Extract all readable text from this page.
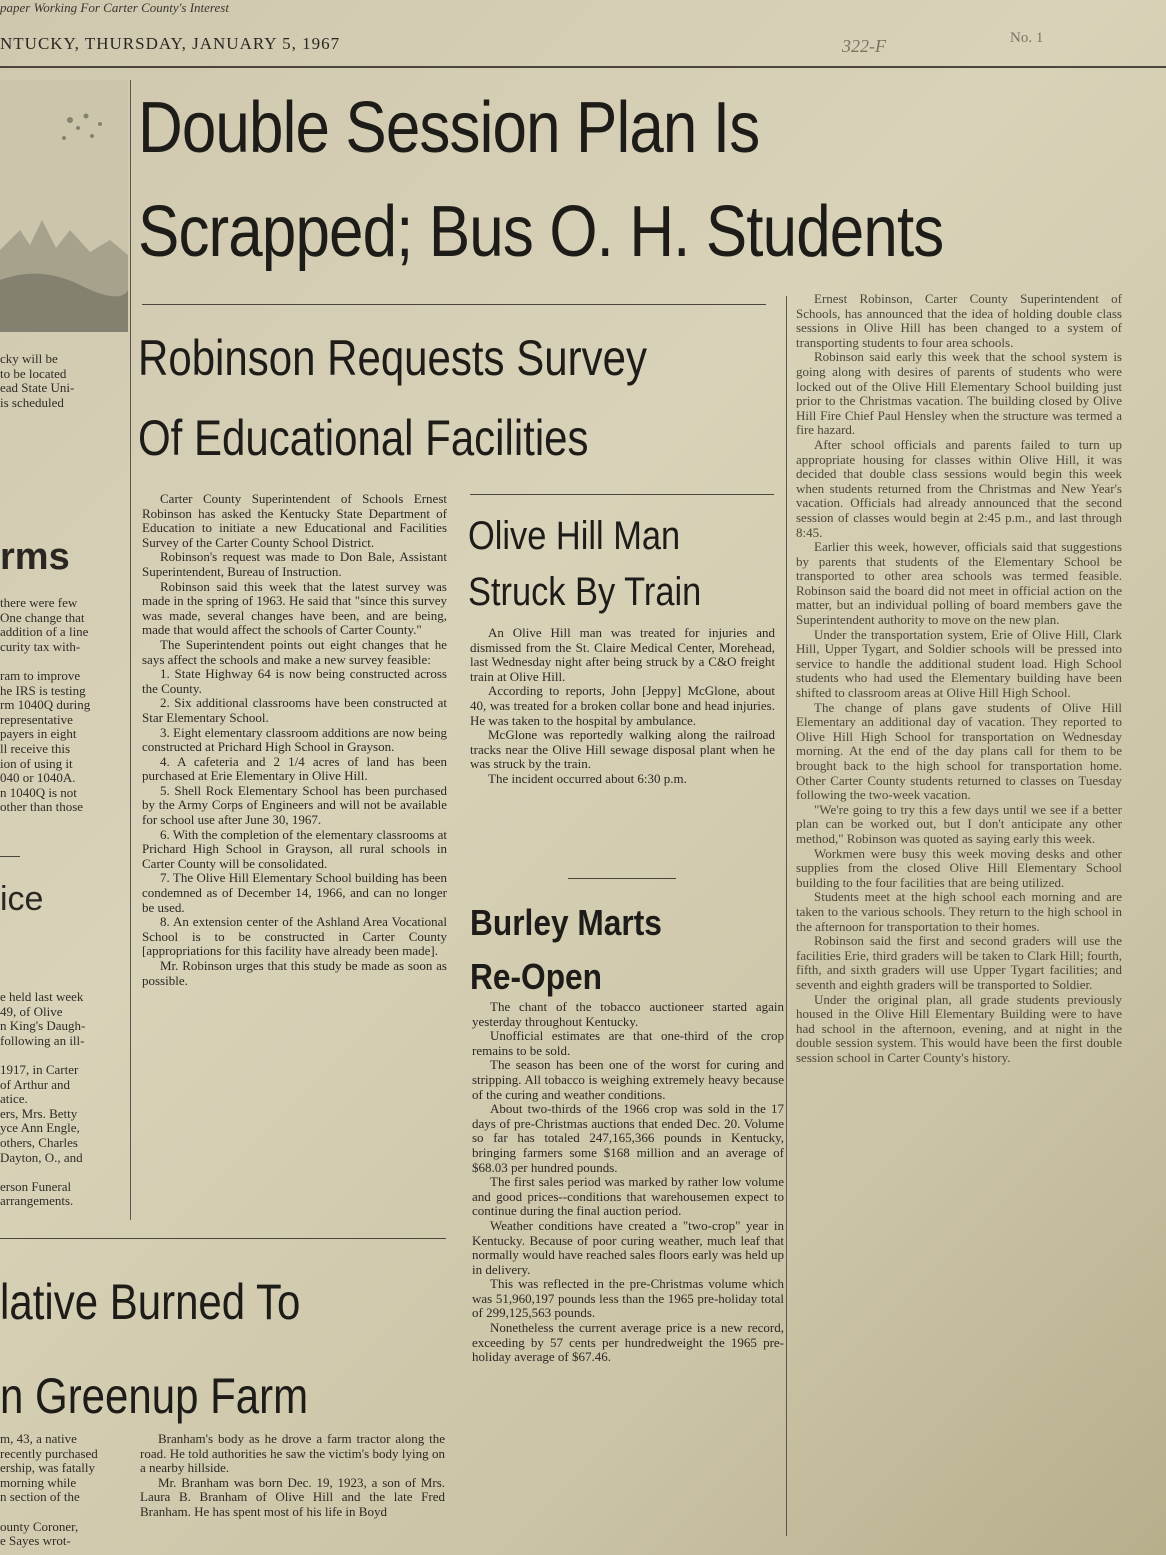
paper Working For Carter County's Interest
NTUCKY, THURSDAY, JANUARY 5, 1967	322-F	No. 1
Double Session Plan Is
Scrapped; Bus O. H. Students
Robinson Requests Survey
Of Educational Facilities

Carter County Superintendent of Schools Ernest Robinson has asked the Kentucky State Department of Education to initiate a new Educational and Facilities Survey of the Carter County School District.

Robinson's request was made to Don Bale, Assistant Superintendent, Bureau of Instruction.

Robinson said this week that the latest survey was made in the spring of 1963. He said that "since this survey was made, several changes have been, and are being, made that would affect the schools of Carter County."

The Superintendent points out eight changes that he says affect the schools and make a new survey feasible:

1. State Highway 64 is now being constructed across the County.

2. Six additional classrooms have been constructed at Star Elementary School.

3. Eight elementary classroom additions are now being constructed at Prichard High School in Grayson.

4. A cafeteria and 2 1/4 acres of land has been purchased at Erie Elementary in Olive Hill.

5. Shell Rock Elementary School has been purchased by the Army Corps of Engineers and will not be available for school use after June 30, 1967.

6. With the completion of the elementary classrooms at Prichard High School in Grayson, all rural schools in Carter County will be consolidated.

7. The Olive Hill Elementary School building has been condemned as of December 14, 1966, and can no longer be used.

8. An extension center of the Ashland Area Vocational School is to be constructed in Carter County [appropriations for this facility have already been made].

Mr. Robinson urges that this study be made as soon as possible.

Olive Hill Man
Struck By Train

An Olive Hill man was treated for injuries and dismissed from the St. Claire Medical Center, Morehead, last Wednesday night after being struck by a C&O freight train at Olive Hill.

According to reports, John [Jeppy] McGlone, about 40, was treated for a broken collar bone and head injuries. He was taken to the hospital by ambulance.

McGlone was reportedly walking along the railroad tracks near the Olive Hill sewage disposal plant when he was struck by the train.

The incident occurred about 6:30 p.m.

Burley Marts
Re-Open

The chant of the tobacco auctioneer started again yesterday throughout Kentucky.

Unofficial estimates are that one-third of the crop remains to be sold.

The season has been one of the worst for curing and stripping. All tobacco is weighing extremely heavy because of the curing and weather conditions.

About two-thirds of the 1966 crop was sold in the 17 days of pre-Christmas auctions that ended Dec. 20. Volume so far has totaled 247,165,366 pounds in Kentucky, bringing farmers some $168 million and an average of $68.03 per hundred pounds.

The first sales period was marked by rather low volume and good prices--conditions that warehousemen expect to continue during the final auction period.

Weather conditions have created a "two-crop" year in Kentucky. Because of poor curing weather, much leaf that normally would have reached sales floors early was held up in delivery.

This was reflected in the pre-Christmas volume which was 51,960,197 pounds less than the 1965 pre-holiday total of 299,125,563 pounds.

Nonetheless the current average price is a new record, exceeding by 57 cents per hundredweight the 1965 pre-holiday average of $67.46.

Ernest Robinson, Carter County Superintendent of Schools, has announced that the idea of holding double class sessions in Olive Hill has been changed to a system of transporting students to four area schools.

Robinson said early this week that the school system is going along with desires of parents of students who were locked out of the Olive Hill Elementary School building just prior to the Christmas vacation. The building closed by Olive Hill Fire Chief Paul Hensley when the structure was termed a fire hazard.

After school officials and parents failed to turn up appropriate housing for classes within Olive Hill, it was decided that double class sessions would begin this week when students returned from the Christmas and New Year's vacation. Officials had already announced that the second session of classes would begin at 2:45 p.m., and last through 8:45.

Earlier this week, however, officials said that suggestions by parents that students of the Elementary School be transported to other area schools was termed feasible. Robinson said the board did not meet in official action on the matter, but an individual polling of board members gave the Superintendent authority to move on the new plan.

Under the transportation system, Erie of Olive Hill, Clark Hill, Upper Tygart, and Soldier schools will be pressed into service to handle the additional student load. High School students who had used the Elementary building have been shifted to classroom areas at Olive Hill High School.

The change of plans gave students of Olive Hill Elementary an additional day of vacation. They reported to Olive Hill High School for transportation on Wednesday morning. At the end of the day plans call for them to be brought back to the high school for transportation home. Other Carter County students returned to classes on Tuesday following the two-week vacation.

"We're going to try this a few days until we see if a better plan can be worked out, but I don't anticipate any other method," Robinson was quoted as saying early this week.

Workmen were busy this week moving desks and other supplies from the closed Olive Hill Elementary School building to the four facilities that are being utilized.

Students meet at the high school each morning and are taken to the various schools. They return to the high school in the afternoon for transportation to their homes.

Robinson said the first and second graders will use the facilities Erie, third graders will be taken to Clark Hill; fourth, fifth, and sixth graders will use Upper Tygart facilities; and seventh and eighth graders will be transported to Soldier.

Under the original plan, all grade students previously housed in the Olive Hill Elementary Building were to have had school in the afternoon, evening, and at night in the double session system. This would have been the first double session school in Carter County's history.

cky will be
to be located
ead State Uni-
is scheduled
rms
there were few
One change that
addition of a line
curity tax with-

ram to improve
he IRS is testing
rm 1040Q during
representative
payers in eight
ll receive this
ion of using it
040 or 1040A.
n 1040Q is not
other than those
ice
e held last week
49, of Olive
n King's Daugh-
following an ill-

1917, in Carter
of Arthur and
atice.
ers, Mrs. Betty
yce Ann Engle,
others, Charles
Dayton, O., and

erson Funeral
arrangements.
lative Burned To
n Greenup Farm
m, 43, a native
recently purchased
ership, was fatally
morning while
n section of the

ounty Coroner,
e Sayes wrot-

Branham's body as he drove a farm tractor along the road. He told authorities he saw the victim's body lying on a nearby hillside.

Mr. Branham was born Dec. 19, 1923, a son of Mrs. Laura B. Branham of Olive Hill and the late Fred Branham. He has spent most of his life in Boyd
